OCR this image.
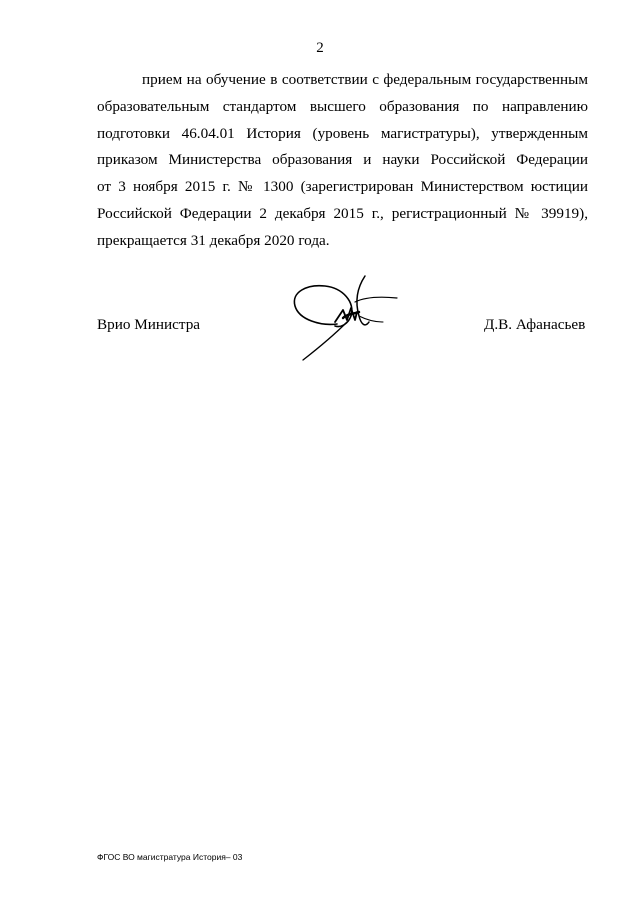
2
прием на обучение в соответствии с федеральным государственным
образовательным стандартом высшего образования по направлению
подготовки 46.04.01 История (уровень магистратуры), утвержденным
приказом Министерства образования и науки Российской Федерации
от 3 ноября 2015 г. № 1300 (зарегистрирован Министерством юстиции
Российской Федерации 2 декабря 2015 г., регистрационный № 39919),
прекращается 31 декабря 2020 года.
Врио Министра	Д.В. Афанасьев
ФГОС ВО магистратура История– 03
